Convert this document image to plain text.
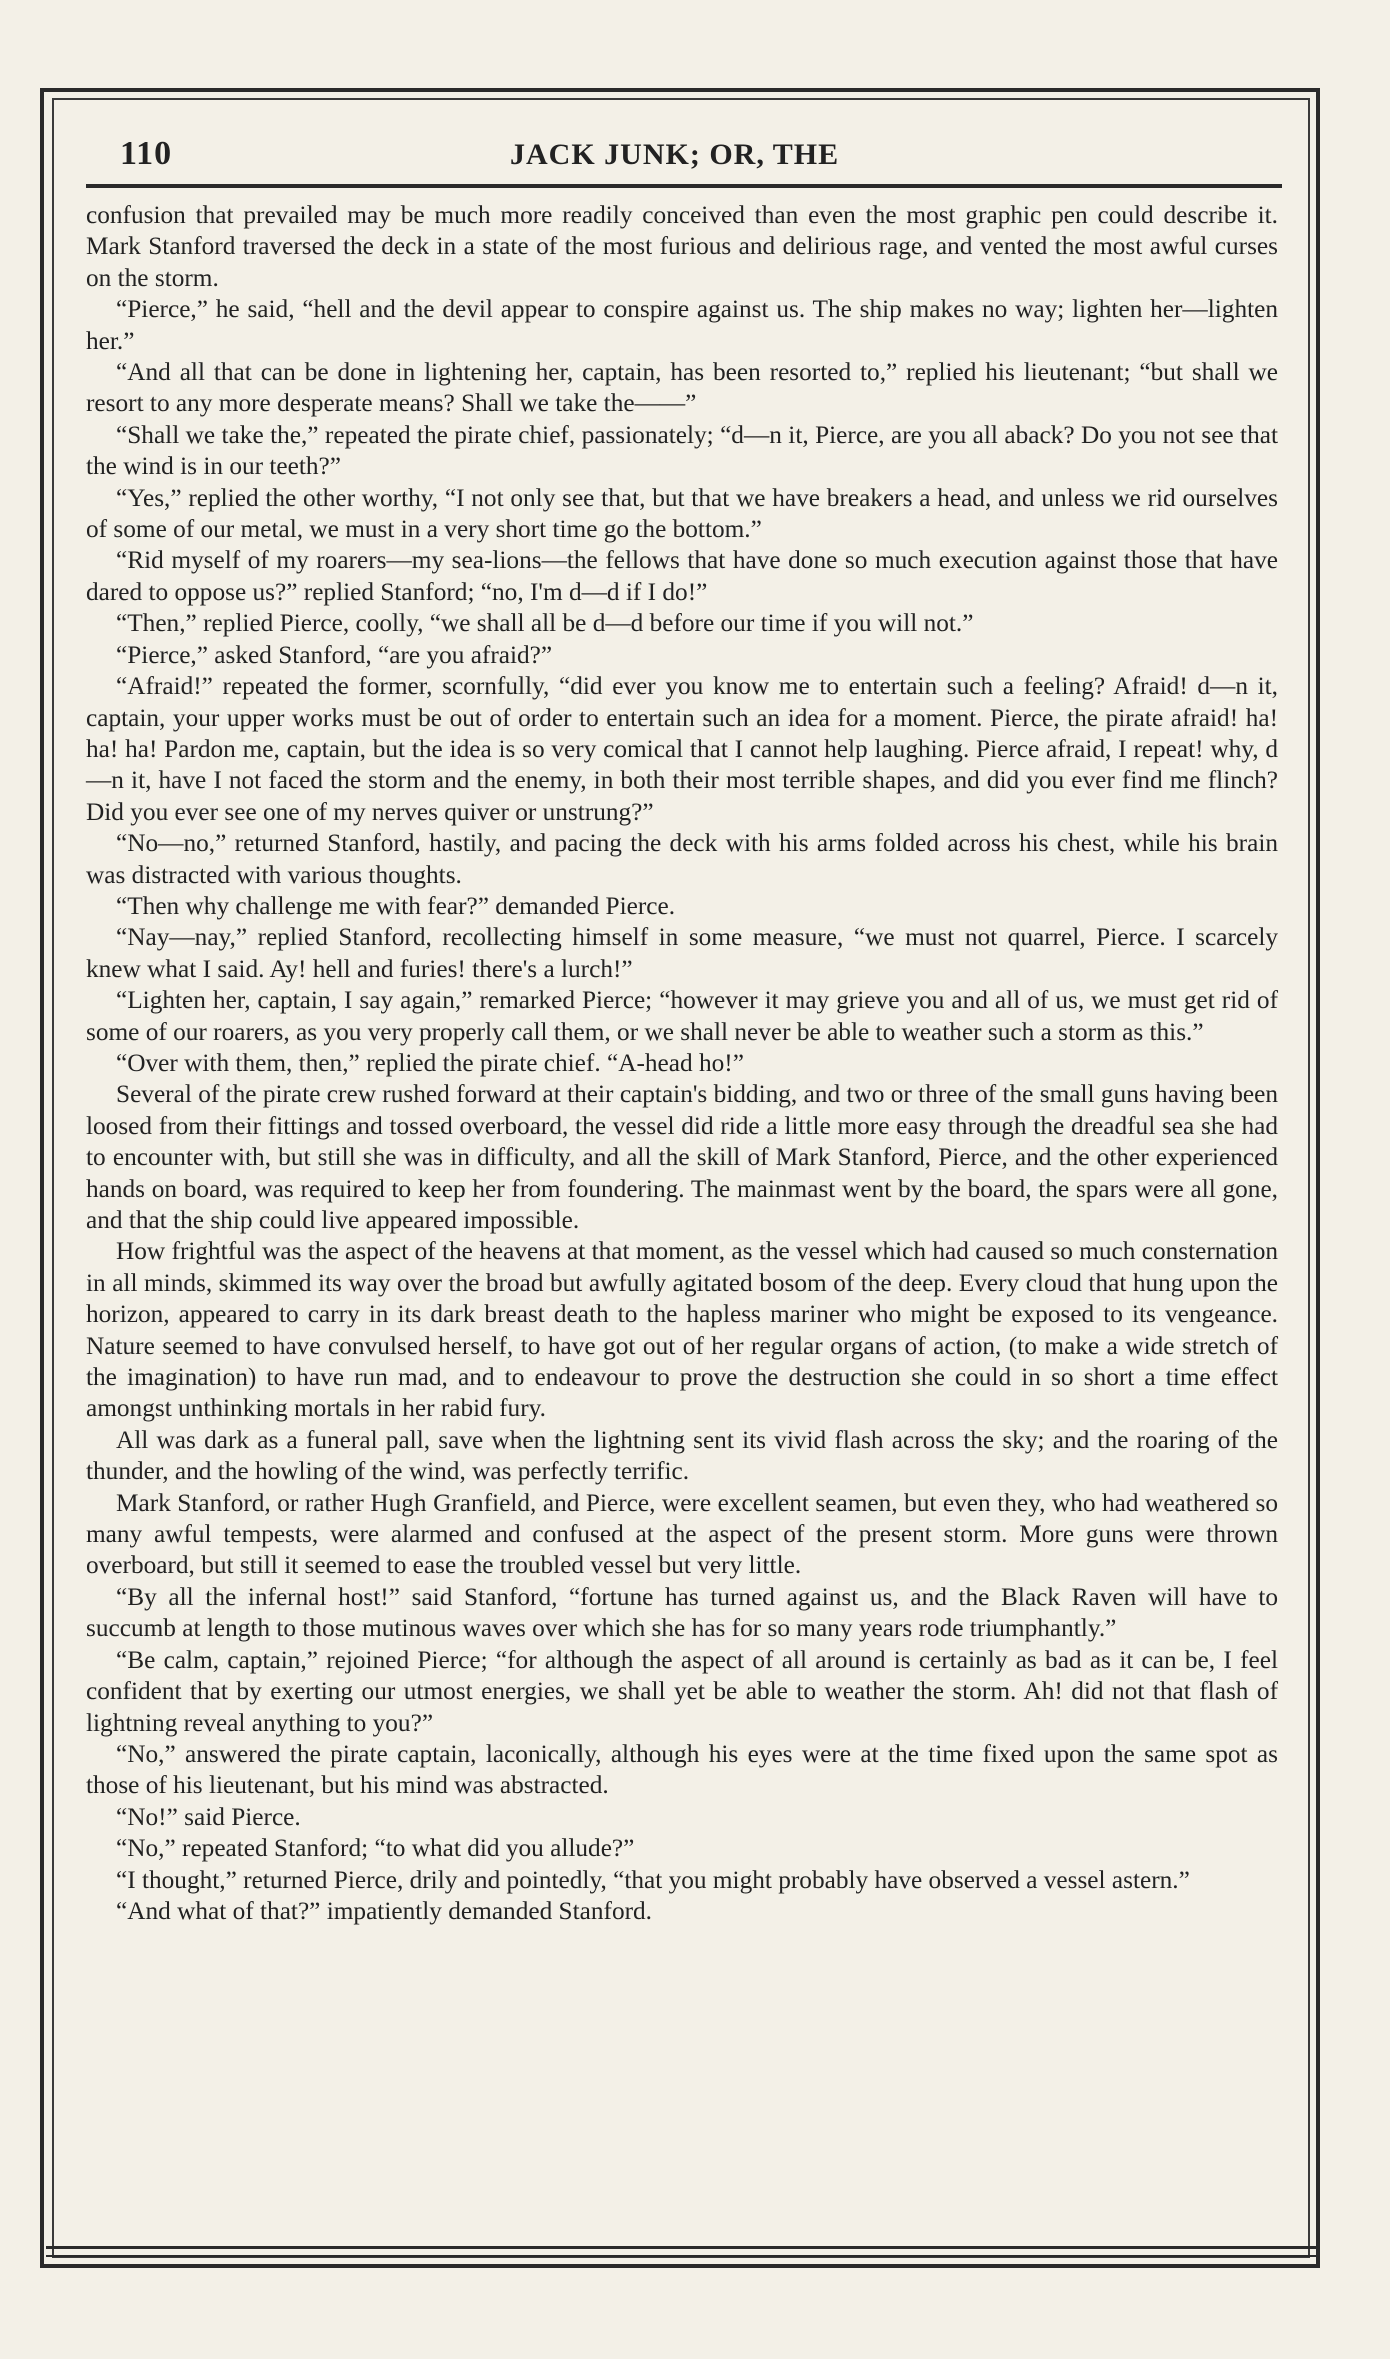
110	JACK JUNK; OR, THE

confusion that prevailed may be much more readily conceived than even the most graphic pen could describe it. Mark Stanford traversed the deck in a state of the most furious and delirious rage, and vented the most awful curses on the storm.

“Pierce,” he said, “hell and the devil appear to conspire against us. The ship makes no way; lighten her—lighten her.”

“And all that can be done in lightening her, captain, has been resorted to,” replied his lieutenant; “but shall we resort to any more desperate means? Shall we take the——”

“Shall we take the,” repeated the pirate chief, passionately; “d—n it, Pierce, are you all aback? Do you not see that the wind is in our teeth?”

“Yes,” replied the other worthy, “I not only see that, but that we have breakers a head, and unless we rid ourselves of some of our metal, we must in a very short time go the bottom.”

“Rid myself of my roarers—my sea-lions—the fellows that have done so much execution against those that have dared to oppose us?” replied Stanford; “no, I'm d—d if I do!”

“Then,” replied Pierce, coolly, “we shall all be d—d before our time if you will not.”

“Pierce,” asked Stanford, “are you afraid?”

“Afraid!” repeated the former, scornfully, “did ever you know me to entertain such a feeling? Afraid! d—n it, captain, your upper works must be out of order to entertain such an idea for a moment. Pierce, the pirate afraid! ha! ha! ha! Pardon me, captain, but the idea is so very comical that I cannot help laughing. Pierce afraid, I repeat! why, d—n it, have I not faced the storm and the enemy, in both their most terrible shapes, and did you ever find me flinch? Did you ever see one of my nerves quiver or unstrung?”

“No—no,” returned Stanford, hastily, and pacing the deck with his arms folded across his chest, while his brain was distracted with various thoughts.

“Then why challenge me with fear?” demanded Pierce.

“Nay—nay,” replied Stanford, recollecting himself in some measure, “we must not quarrel, Pierce. I scarcely knew what I said. Ay! hell and furies! there's a lurch!”

“Lighten her, captain, I say again,” remarked Pierce; “however it may grieve you and all of us, we must get rid of some of our roarers, as you very properly call them, or we shall never be able to weather such a storm as this.”

“Over with them, then,” replied the pirate chief. “A-head ho!”

Several of the pirate crew rushed forward at their captain's bidding, and two or three of the small guns having been loosed from their fittings and tossed overboard, the vessel did ride a little more easy through the dreadful sea she had to encounter with, but still she was in difficulty, and all the skill of Mark Stanford, Pierce, and the other experienced hands on board, was required to keep her from foundering. The mainmast went by the board, the spars were all gone, and that the ship could live appeared impossible.

How frightful was the aspect of the heavens at that moment, as the vessel which had caused so much consternation in all minds, skimmed its way over the broad but awfully agitated bosom of the deep. Every cloud that hung upon the horizon, appeared to carry in its dark breast death to the hapless mariner who might be exposed to its vengeance. Nature seemed to have convulsed herself, to have got out of her regular organs of action, (to make a wide stretch of the imagination) to have run mad, and to endeavour to prove the destruction she could in so short a time effect amongst unthinking mortals in her rabid fury.

All was dark as a funeral pall, save when the lightning sent its vivid flash across the sky; and the roaring of the thunder, and the howling of the wind, was perfectly terrific.

Mark Stanford, or rather Hugh Granfield, and Pierce, were excellent seamen, but even they, who had weathered so many awful tempests, were alarmed and confused at the aspect of the present storm. More guns were thrown overboard, but still it seemed to ease the troubled vessel but very little.

“By all the infernal host!” said Stanford, “fortune has turned against us, and the Black Raven will have to succumb at length to those mutinous waves over which she has for so many years rode triumphantly.”

“Be calm, captain,” rejoined Pierce; “for although the aspect of all around is certainly as bad as it can be, I feel confident that by exerting our utmost energies, we shall yet be able to weather the storm. Ah! did not that flash of lightning reveal anything to you?”

“No,” answered the pirate captain, laconically, although his eyes were at the time fixed upon the same spot as those of his lieutenant, but his mind was abstracted.

“No!” said Pierce.

“No,” repeated Stanford; “to what did you allude?”

“I thought,” returned Pierce, drily and pointedly, “that you might probably have observed a vessel astern.”

“And what of that?” impatiently demanded Stanford.
